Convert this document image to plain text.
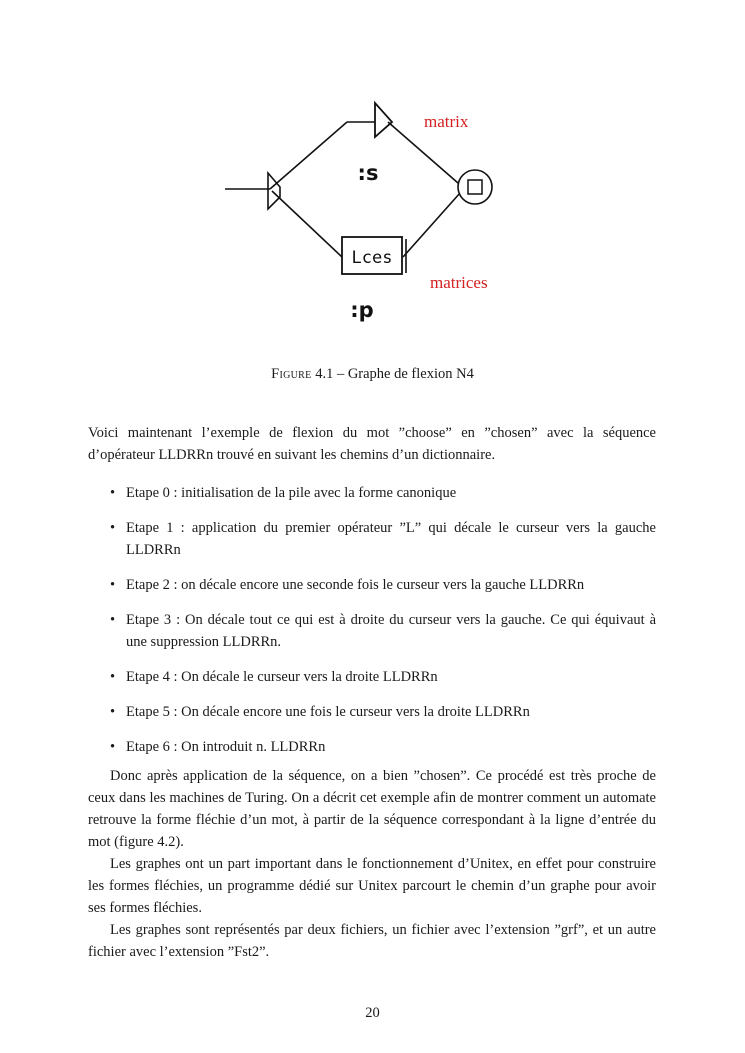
Lces
matrix
matrices
:s
:p
Figure 4.1 – Graphe de flexion N4

Voici maintenant l’exemple de flexion du mot ”choose” en ”chosen” avec la séquence d’opérateur LLDRRn trouvé en suivant les chemins d’un dictionnaire.

• Etape 0 : initialisation de la pile avec la forme canonique
• Etape 1 : application du premier opérateur ”L” qui décale le curseur vers la gauche LLDRRn
• Etape 2 : on décale encore une seconde fois le curseur vers la gauche LLDRRn
• Etape 3 : On décale tout ce qui est à droite du curseur vers la gauche. Ce qui équivaut à une suppression LLDRRn.
• Etape 4 : On décale le curseur vers la droite LLDRRn
• Etape 5 : On décale encore une fois le curseur vers la droite LLDRRn
• Etape 6 : On introduit n. LLDRRn

Donc après application de la séquence, on a bien ”chosen”. Ce procédé est très proche de ceux dans les machines de Turing. On a décrit cet exemple afin de montrer comment un automate retrouve la forme fléchie d’un mot, à partir de la séquence correspondant à la ligne d’entrée du mot (figure 4.2).

Les graphes ont un part important dans le fonctionnement d’Unitex, en effet pour construire les formes fléchies, un programme dédié sur Unitex parcourt le chemin d’un graphe pour avoir ses formes fléchies.

Les graphes sont représentés par deux fichiers, un fichier avec l’extension ”grf”, et un autre fichier avec l’extension ”Fst2”.

20
